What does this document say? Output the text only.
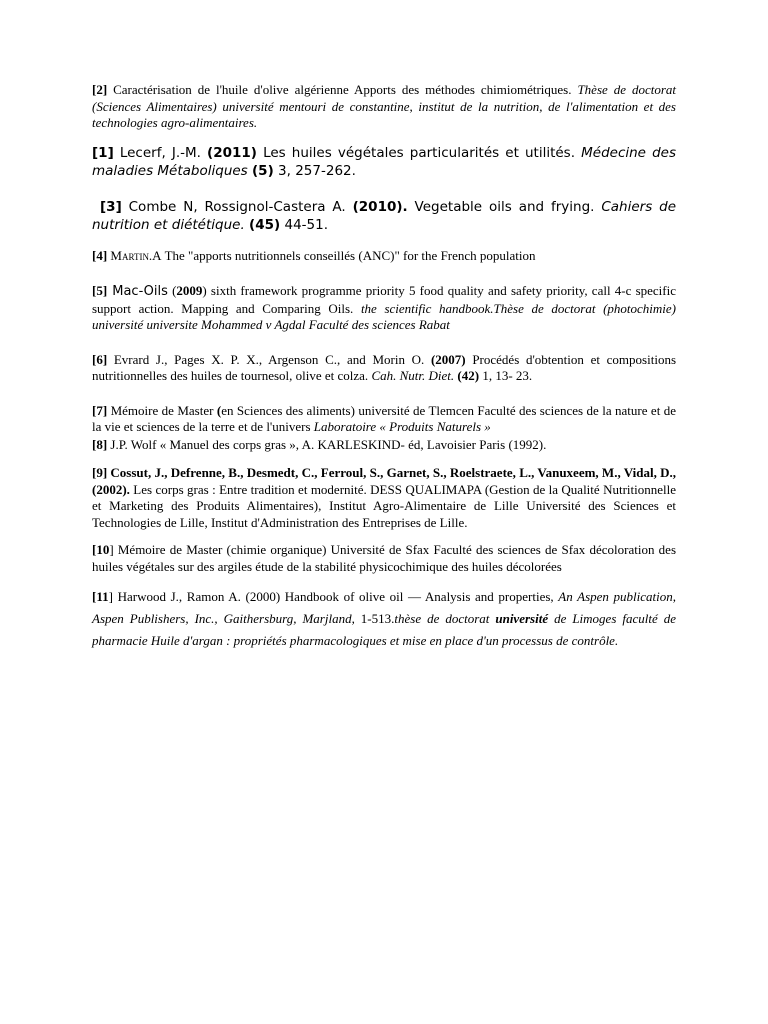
[2] Caractérisation de l'huile d'olive algérienne Apports des méthodes chimiométriques. Thèse de doctorat (Sciences Alimentaires) université mentouri de constantine, institut de la nutrition, de l'alimentation et des technologies agro-alimentaires.

[1] Lecerf, J.-M. (2011) Les huiles végétales particularités et utilités. Médecine des maladies Métaboliques (5) 3, 257-262.

[3] Combe N, Rossignol-Castera A. (2010). Vegetable oils and frying. Cahiers de nutrition et diététique. (45) 44-51.

[4] Martin.A The "apports nutritionnels conseillés (ANC)" for the French population

[5] Mac-Oils (2009) sixth framework programme priority 5 food quality and safety priority, call 4-c specific support action. Mapping and Comparing Oils. the scientific handbook.Thèse de doctorat (photochimie) université universite Mohammed v Agdal Faculté des sciences Rabat

[6] Evrard J., Pages X. P. X., Argenson C., and Morin O. (2007) Procédés d'obtention et compositions nutritionnelles des huiles de tournesol, olive et colza. Cah. Nutr. Diet. (42) 1, 13- 23.

[7] Mémoire de Master (en Sciences des aliments) université de Tlemcen Faculté des sciences de la nature et de la vie et sciences de la terre et de l'univers Laboratoire « Produits Naturels »

[8] J.P. Wolf « Manuel des corps gras », A. KARLESKIND- éd, Lavoisier Paris (1992).

[9] Cossut, J., Defrenne, B., Desmedt, C., Ferroul, S., Garnet, S., Roelstraete, L., Vanuxeem, M., Vidal, D., (2002). Les corps gras : Entre tradition et modernité. DESS QUALIMAPA (Gestion de la Qualité Nutritionnelle et Marketing des Produits Alimentaires), Institut Agro-Alimentaire de Lille Université des Sciences et Technologies de Lille, Institut d'Administration des Entreprises de Lille.

[10] Mémoire de Master (chimie organique) Université de Sfax Faculté des sciences de Sfax décoloration des huiles végétales sur des argiles étude de la stabilité physicochimique des huiles décolorées

[11] Harwood J., Ramon A. (2000) Handbook of olive oil — Analysis and properties, An Aspen publication, Aspen Publishers, Inc., Gaithersburg, Marjland, 1-513.thèse de doctorat université de Limoges faculté de pharmacie Huile d'argan : propriétés pharmacologiques et mise en place d'un processus de contrôle.
